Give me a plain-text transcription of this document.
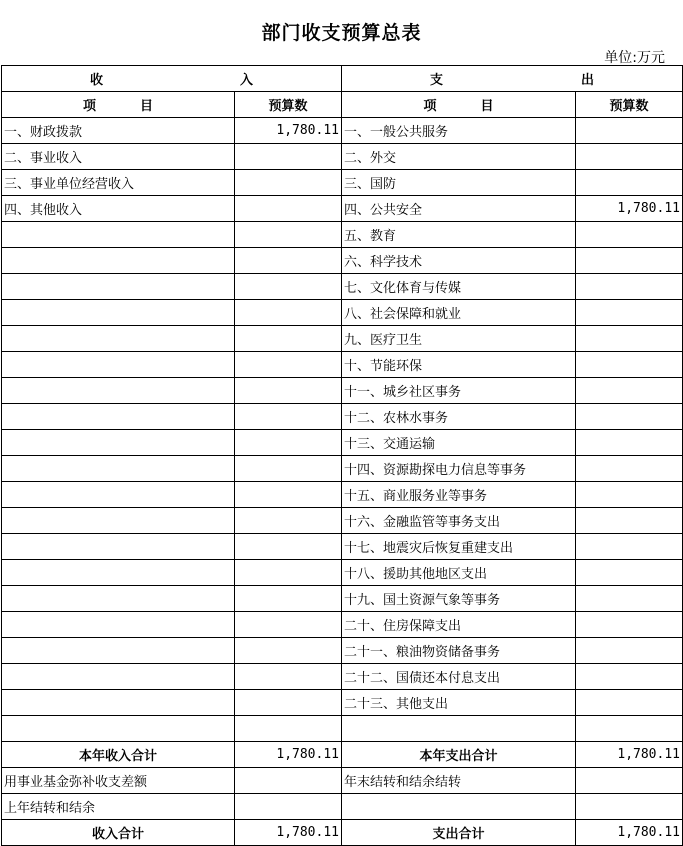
部门收支预算总表
单位:万元
收 入		支 出	

项 目	预算数	项 目	预算数
一、财政拨款	1,780.11	一、一般公共服务	
二、事业收入		二、外交	
三、事业单位经营收入		三、国防	
四、其他收入		四、公共安全	1,780.11
		五、教育	
		六、科学技术	
		七、文化体育与传媒	
		八、社会保障和就业	
		九、医疗卫生	
		十、节能环保	
		十一、城乡社区事务	
		十二、农林水事务	
		十三、交通运输	
		十四、资源勘探电力信息等事务	
		十五、商业服务业等事务	
		十六、金融监管等事务支出	
		十七、地震灾后恢复重建支出	
		十八、援助其他地区支出	
		十九、国土资源气象等事务	
		二十、住房保障支出	
		二十一、粮油物资储备事务	
		二十二、国债还本付息支出	
		二十三、其他支出	

本年收入合计	1,780.11	本年支出合计	1,780.11
用事业基金弥补收支差额		年末结转和结余结转	
上年结转和结余			
收入合计	1,780.11	支出合计	1,780.11
